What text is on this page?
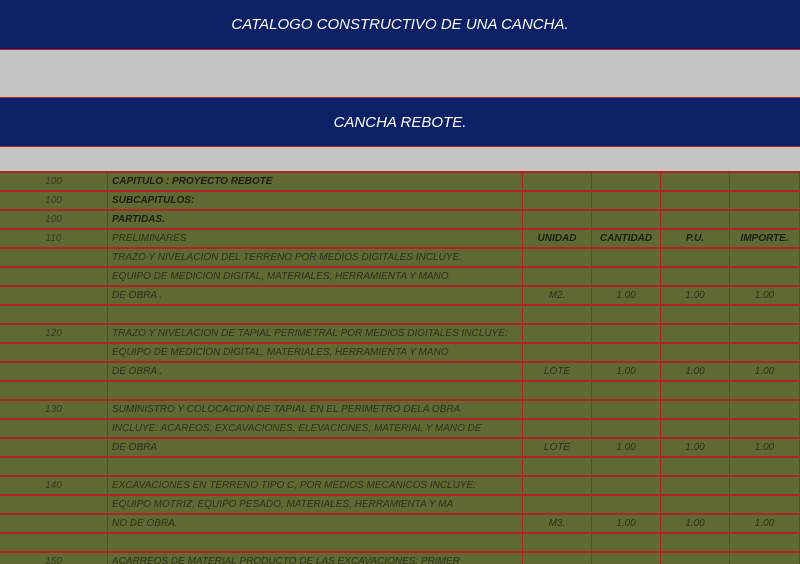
CATALOGO CONSTRUCTIVO DE UNA CANCHA.
CANCHA REBOTE.
100	CAPITULO : PROYECTO REBOTE
100	SUBCAPITULOS:
100	PARTIDAS.
110	PRELIMINARES	UNIDAD	CANTIDAD	P.U.	IMPORTE.
TRAZO Y NIVELACION DEL TERRENO POR MEDIOS DIGITALES INCLUYE:
EQUIPO DE MEDICION DIGITAL, MATERIALES, HERRAMIENTA Y MANO
DE OBRA .	M2.	1.00	1.00	1.00
120	TRAZO Y NIVELACION DE TAPIAL PERIMETRAL POR MEDIOS DIGITALES INCLUYE:
EQUIPO DE MEDICION DIGITAL, MATERIALES, HERRAMIENTA Y MANO
DE OBRA .	LOTE	1.00	1.00	1.00
130	SUMINISTRO Y COLOCACION DE TAPIAL EN EL PERIMETRO DELA OBRA
INCLUYE: ACAREOS, EXCAVACIONES, ELEVACIONES, MATERIAL Y MANO DE
DE OBRA	LOTE	1.00	1.00	1.00
140	EXCAVACIONES EN TERRENO TIPO C, POR MEDIOS MECANICOS INCLUYE:
EQUIPO MOTRIZ, EQUIPO PESADO, MATERIALES, HERRAMIENTA Y MA
NO DE OBRA.	M3.	1.00	1.00	1.00
150	ACARREOS DE MATERIAL PRODUCTO DE LAS EXCAVACIONES: PRIMER
